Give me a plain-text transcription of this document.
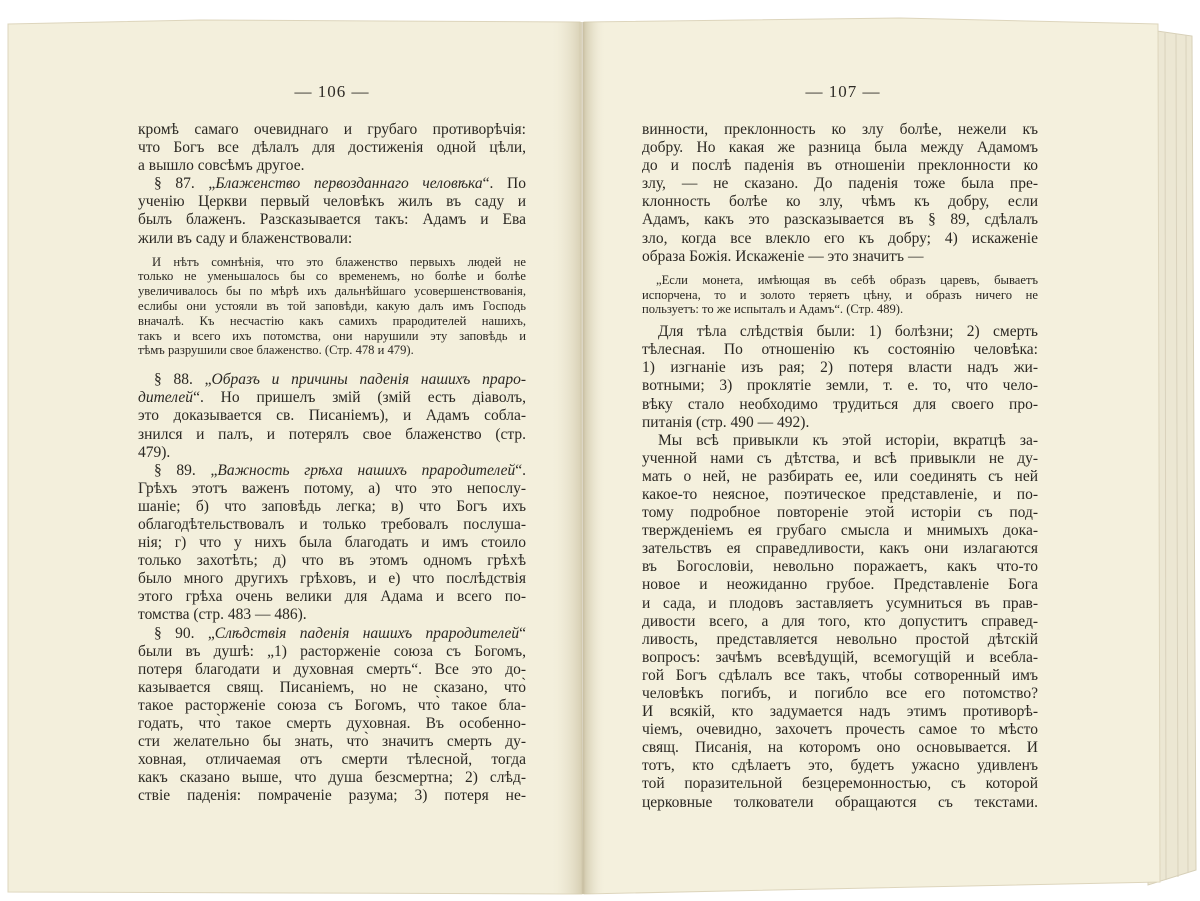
— 106 —	— 107 —
кромѣ самаго очевиднаго и грубаго противорѣчія:
что Богъ все дѣлалъ для достиженія одной цѣли,
а вышло совсѣмъ другое.
§ 87. „Блаженство первозданнаго человѣка“. По
ученію Церкви первый человѣкъ жилъ въ саду и
былъ блаженъ. Разсказывается такъ: Адамъ и Ева
жили въ саду и блаженствовали:
И нѣтъ сомнѣнія, что это блаженство первыхъ людей не
только не уменьшалось бы со временемъ, но болѣе и болѣе
увеличивалось бы по мѣрѣ ихъ дальнѣйшаго усовершенствованія,
еслибы они устояли въ той заповѣди, какую далъ имъ Господь
вначалѣ. Къ несчастію какъ самихъ прародителей нашихъ,
такъ и всего ихъ потомства, они нарушили эту заповѣдь и
тѣмъ разрушили свое блаженство. (Стр. 478 и 479).
§ 88. „Образъ и причины паденія нашихъ праро-
дителей“. Но пришелъ змій (змій есть діаволъ,
это доказывается св. Писаніемъ), и Адамъ собла-
знился и палъ, и потерялъ свое блаженство (стр.
479).
§ 89. „Важность грѣха нашихъ прародителей“.
Грѣхъ этотъ важенъ потому, а) что это непослу-
шаніе; б) что заповѣдь легка; в) что Богъ ихъ
облагодѣтельствовалъ и только требовалъ послуша-
нія; г) что у нихъ была благодать и имъ стоило
только захотѣть; д) что въ этомъ одномъ грѣхѣ
было много другихъ грѣховъ, и е) что послѣдствія
этого грѣха очень велики для Адама и всего по-
томства (стр. 483 — 486).
§ 90. „Слѣдствія паденія нашихъ прародителей“
были въ душѣ: „1) расторженіе союза съ Богомъ,
потеря благодати и духовная смерть“. Все это до-
казывается свящ. Писаніемъ, но не сказано, что̀
такое расторженіе союза съ Богомъ, что̀ такое бла-
годать, что̀ такое смерть духовная. Въ особенно-
сти желательно бы знать, что̀ значитъ смерть ду-
ховная, отличаемая отъ смерти тѣлесной, тогда
какъ сказано выше, что душа безсмертна; 2) слѣд-
ствіе паденія: помраченіе разума; 3) потеря не-
винности, преклонность ко злу болѣе, нежели къ
добру. Но какая же разница была между Адамомъ
до и послѣ паденія въ отношеніи преклонности ко
злу, — не сказано. До паденія тоже была пре-
клонность болѣе ко злу, чѣмъ къ добру, если
Адамъ, какъ это разсказывается въ § 89, сдѣлалъ
зло, когда все влекло его къ добру; 4) искаженіе
образа Божія. Искаженіе — это значитъ —
„Если монета, имѣющая въ себѣ образъ царевъ, бываетъ
испорчена, то и золото теряетъ цѣну, и образъ ничего не
пользуетъ: то же испыталъ и Адамъ“. (Стр. 489).
Для тѣла слѣдствія были: 1) болѣзни; 2) смерть
тѣлесная. По отношенію къ состоянію человѣка:
1) изгнаніе изъ рая; 2) потеря власти надъ жи-
вотными; 3) проклятіе земли, т. е. то, что чело-
вѣку стало необходимо трудиться для своего про-
питанія (стр. 490 — 492).
Мы всѣ привыкли къ этой исторіи, вкратцѣ за-
ученной нами съ дѣтства, и всѣ привыкли не ду-
мать о ней, не разбирать ее, или соединять съ ней
какое-то неясное, поэтическое представленіе, и по-
тому подробное повтореніе этой исторіи съ под-
твержденіемъ ея грубаго смысла и мнимыхъ дока-
зательствъ ея справедливости, какъ они излагаются
въ Богословіи, невольно поражаетъ, какъ что-то
новое и неожиданно грубое. Представленіе Бога
и сада, и плодовъ заставляетъ усумниться въ прав-
дивости всего, а для того, кто допуститъ справед-
ливость, представляется невольно простой дѣтскій
вопросъ: зачѣмъ всевѣдущій, всемогущій и всебла-
гой Богъ сдѣлалъ все такъ, чтобы сотворенный имъ
человѣкъ погибъ, и погибло все его потомство?
И всякій, кто задумается надъ этимъ противорѣ-
чіемъ, очевидно, захочетъ прочесть самое то мѣсто
свящ. Писанія, на которомъ оно основывается. И
тотъ, кто сдѣлаетъ это, будетъ ужасно удивленъ
той поразительной безцеремонностью, съ которой
церковные толкователи обращаются съ текстами.
